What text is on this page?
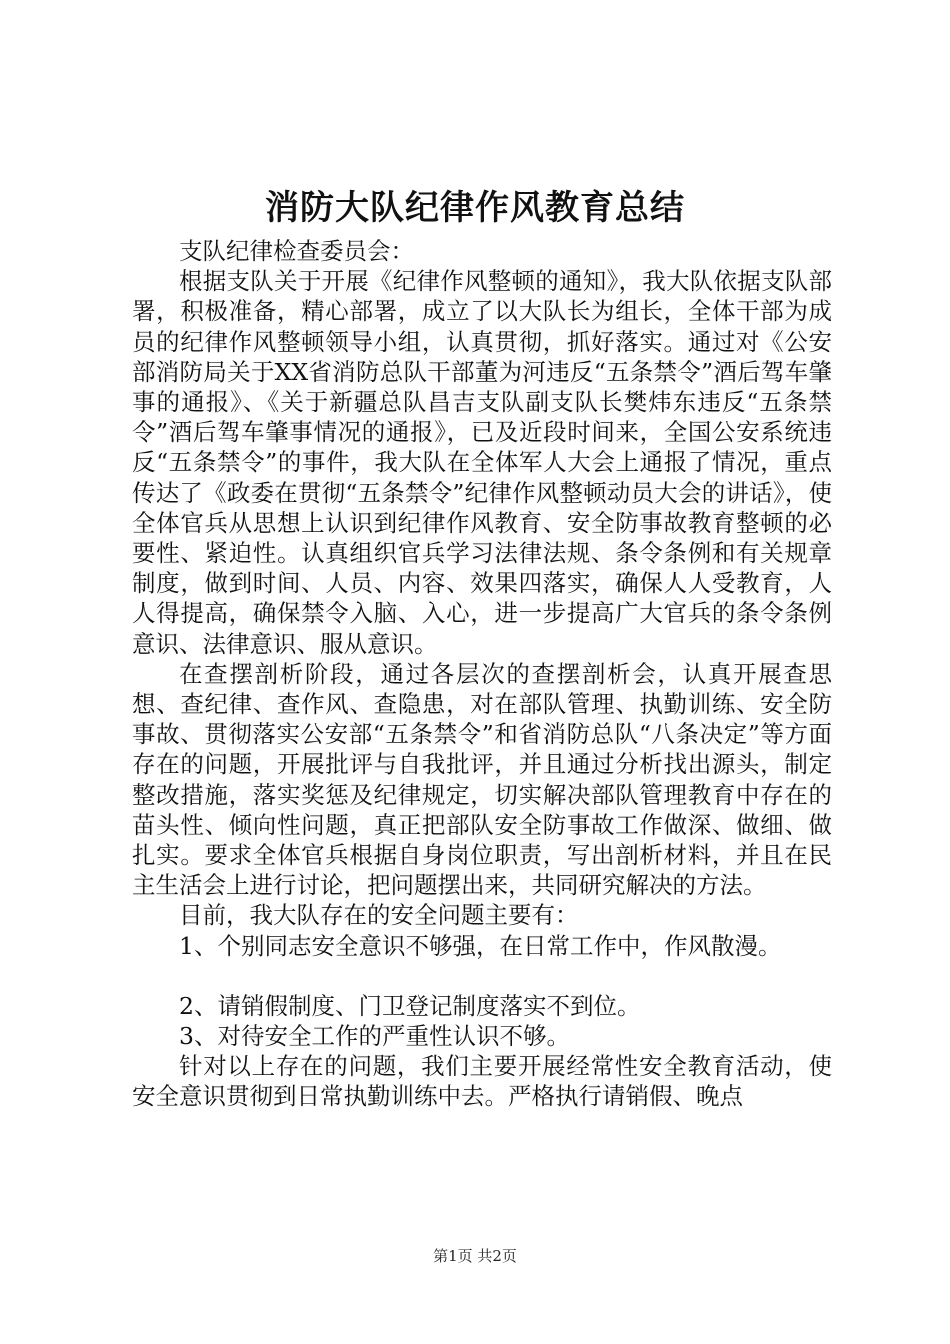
消防大队纪律作风教育总结

支队纪律检查委员会：

根据支队关于开展《纪律作风整顿的通知》，我大队依据支队部署，积极准备，精心部署，成立了以大队长为组长，全体干部为成员的纪律作风整顿领导小组，认真贯彻，抓好落实。通过对《公安部消防局关于XX省消防总队干部董为河违反“五条禁令”酒后驾车肇事的通报》、《关于新疆总队昌吉支队副支队长樊炜东违反“五条禁令”酒后驾车肇事情况的通报》，已及近段时间来，全国公安系统违反“五条禁令”的事件，我大队在全体军人大会上通报了情况，重点传达了《政委在贯彻“五条禁令”纪律作风整顿动员大会的讲话》，使全体官兵从思想上认识到纪律作风教育、安全防事故教育整顿的必要性、紧迫性。认真组织官兵学习法律法规、条令条例和有关规章制度，做到时间、人员、内容、效果四落实，确保人人受教育，人人得提高，确保禁令入脑、入心，进一步提高广大官兵的条令条例意识、法律意识、服从意识。

在查摆剖析阶段，通过各层次的查摆剖析会，认真开展查思想、查纪律、查作风、查隐患，对在部队管理、执勤训练、安全防事故、贯彻落实公安部“五条禁令”和省消防总队“八条决定”等方面存在的问题，开展批评与自我批评，并且通过分析找出源头，制定整改措施，落实奖惩及纪律规定，切实解决部队管理教育中存在的苗头性、倾向性问题，真正把部队安全防事故工作做深、做细、做扎实。要求全体官兵根据自身岗位职责，写出剖析材料，并且在民主生活会上进行讨论，把问题摆出来，共同研究解决的方法。

目前，我大队存在的安全问题主要有：

1、个别同志安全意识不够强，在日常工作中，作风散漫。

2、请销假制度、门卫登记制度落实不到位。

3、对待安全工作的严重性认识不够。

针对以上存在的问题，我们主要开展经常性安全教育活动，使安全意识贯彻到日常执勤训练中去。严格执行请销假、晚点

第1页 共2页
